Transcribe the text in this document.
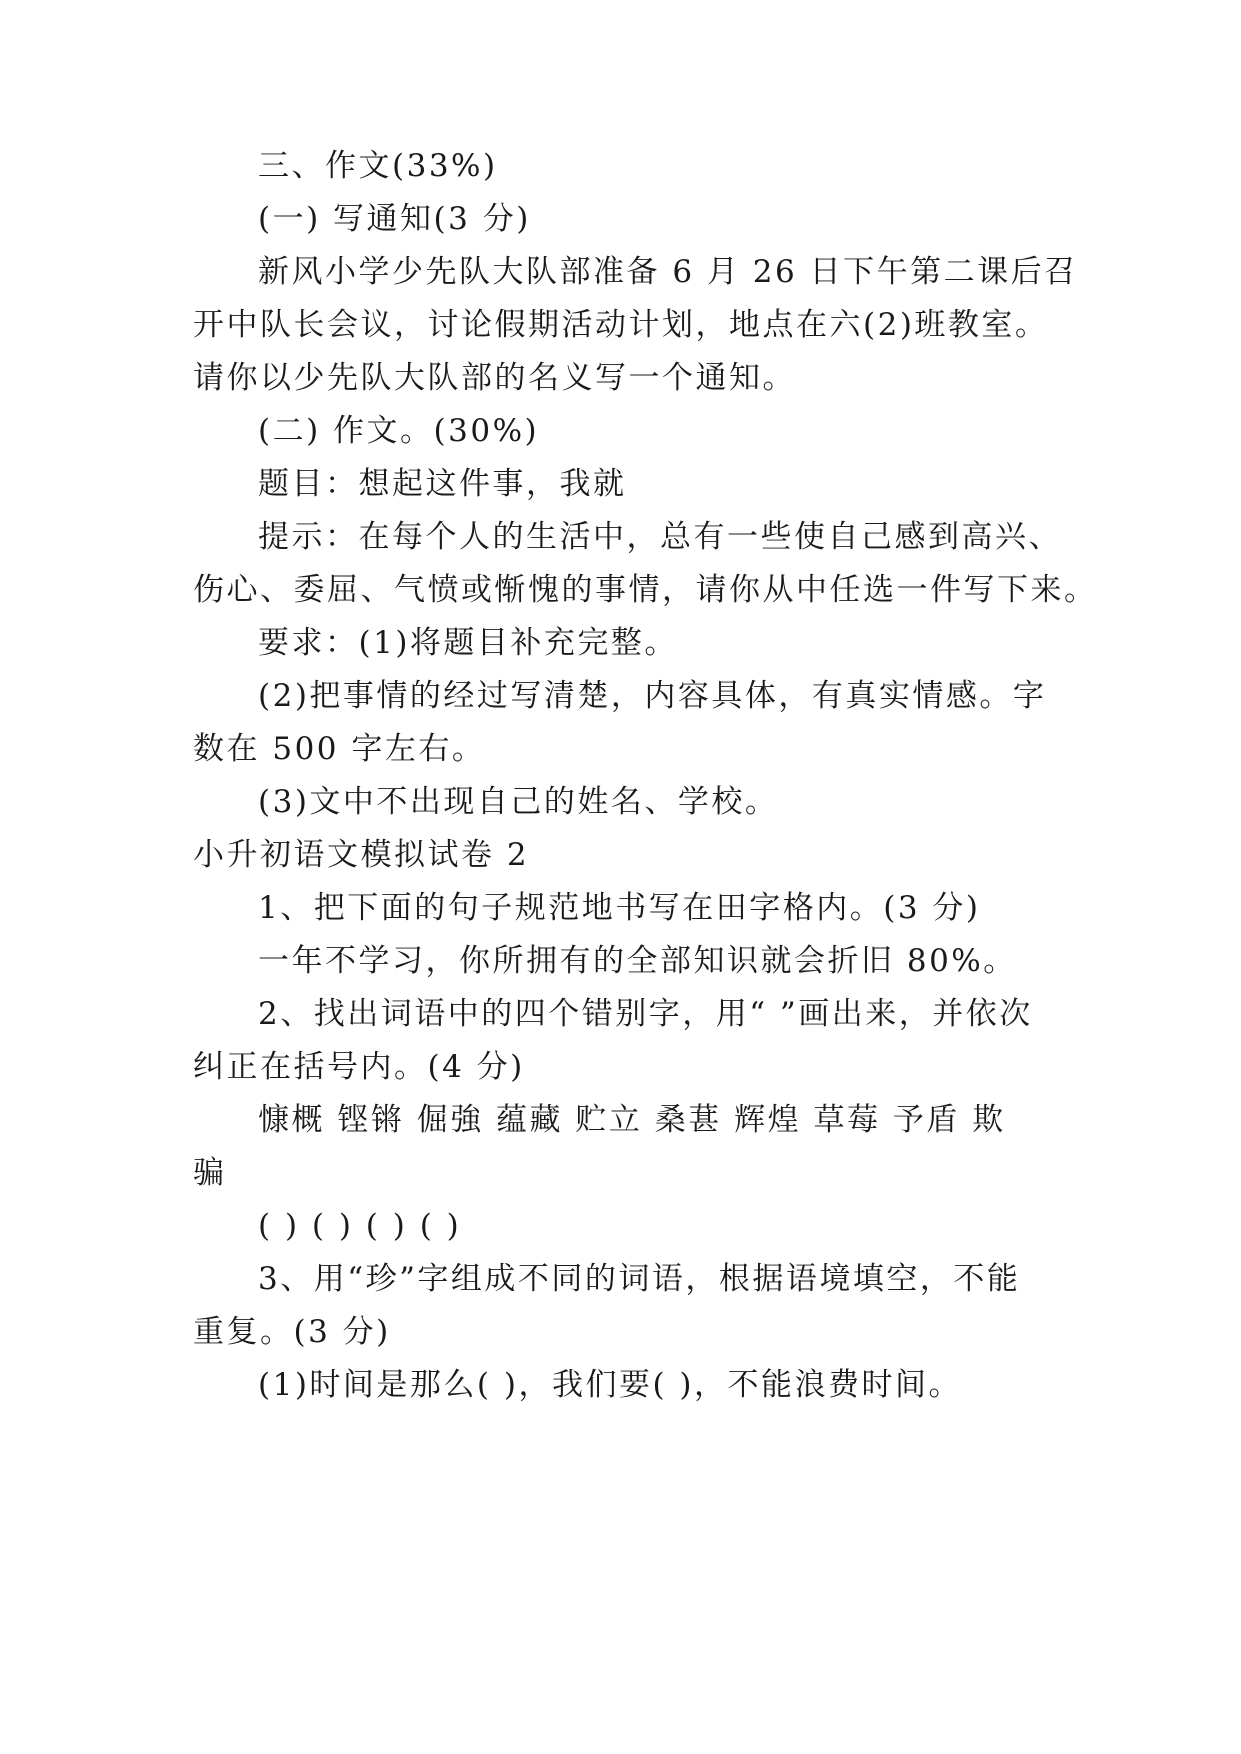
三、作文(33%)
(一) 写通知(3 分)
新风小学少先队大队部准备 6 月 26 日下午第二课后召
开中队长会议，讨论假期活动计划，地点在六(2)班教室。
请你以少先队大队部的名义写一个通知。
(二) 作文。(30%)
题目：想起这件事，我就
提示：在每个人的生活中，总有一些使自己感到高兴、
伤心、委屈、气愤或惭愧的事情，请你从中任选一件写下来。
要求：(1)将题目补充完整。
(2)把事情的经过写清楚，内容具体，有真实情感。字
数在 500 字左右。
(3)文中不出现自己的姓名、学校。
小升初语文模拟试卷 2
1、把下面的句子规范地书写在田字格内。(3 分)
一年不学习，你所拥有的全部知识就会折旧 80%。
2、找出词语中的四个错别字，用“ ”画出来，并依次
纠正在括号内。(4 分)
慷概 铿锵 倔強 蕴藏 贮立 桑葚 辉煌 草莓 予盾 欺
骗
( ) ( ) ( ) ( )
3、用“珍”字组成不同的词语，根据语境填空，不能
重复。(3 分)
(1)时间是那么( )，我们要( )，不能浪费时间。
